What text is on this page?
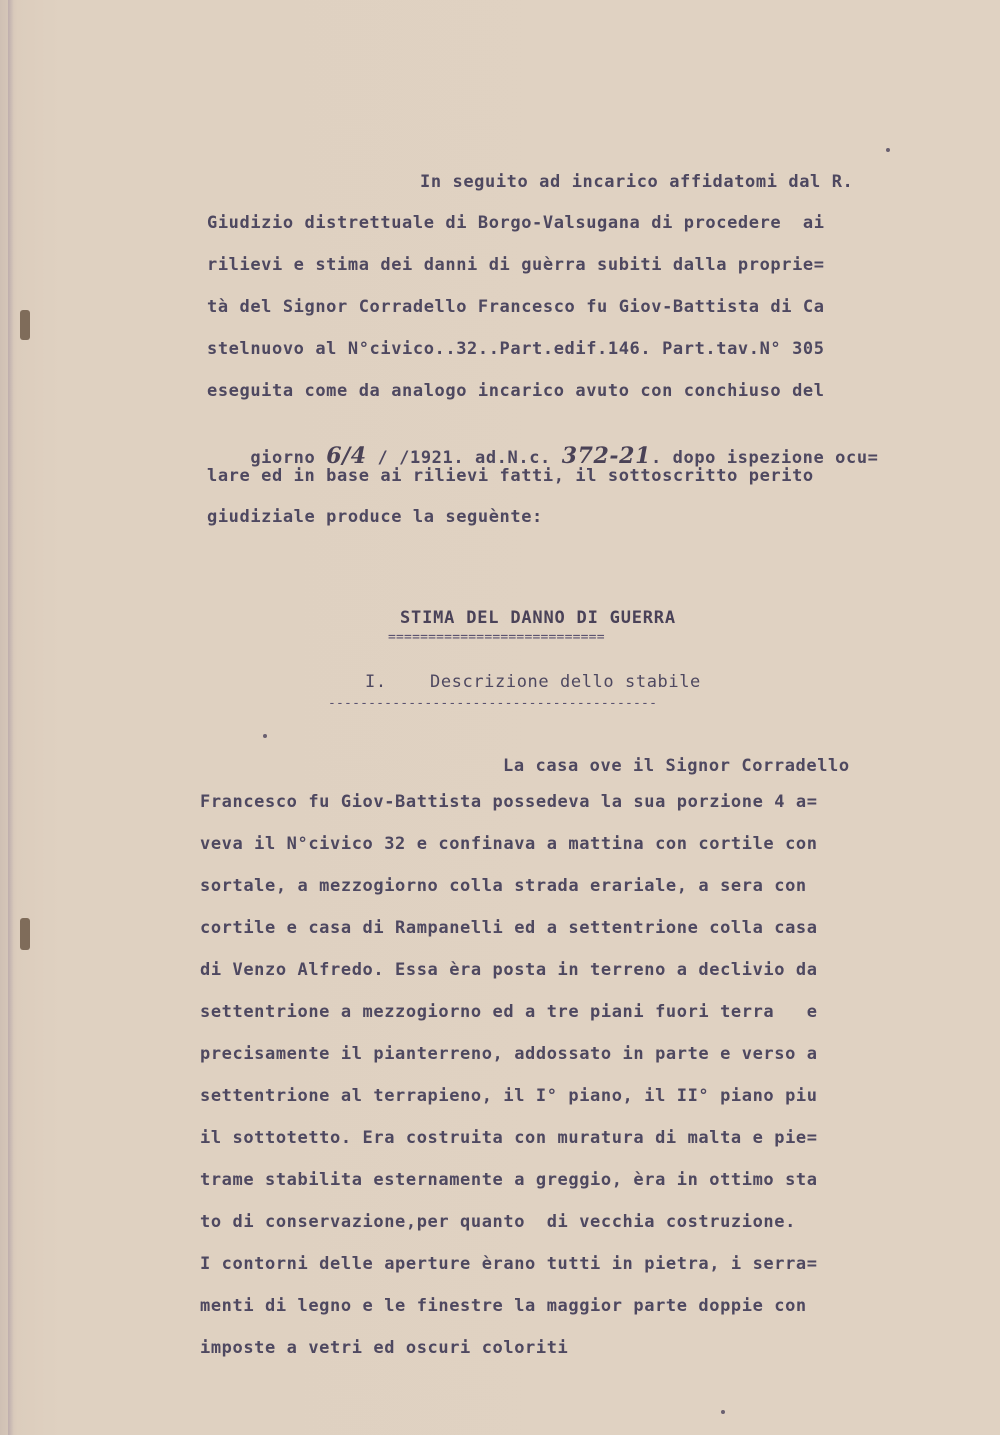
In seguito ad incarico affidatomi dal R.
Giudizio distrettuale di Borgo-Valsugana di procedere  ai
rilievi e stima dei danni di guèrra subiti dalla proprie=
tà del Signor Corradello Francesco fu Giov-Battista di Ca
stelnuovo al N°civico..32..Part.edif.146. Part.tav.N° 305
eseguita come da analogo incarico avuto con conchiuso del

giorno 6/4 / /1921. ad.N.c. 372-21. dopo ispezione ocu=

lare ed in base ai rilievi fatti, il sottoscritto perito
giudiziale produce la seguènte:
STIMA DEL DANNO DI GUERRA
===========================
I.    Descrizione dello stabile
-----------------------------------------
La casa ove il Signor Corradello
Francesco fu Giov-Battista possedeva la sua porzione 4 a=
veva il N°civico 32 e confinava a mattina con cortile con
sortale, a mezzogiorno colla strada erariale, a sera con
cortile e casa di Rampanelli ed a settentrione colla casa
di Venzo Alfredo. Essa èra posta in terreno a declivio da
settentrione a mezzogiorno ed a tre piani fuori terra   e
precisamente il pianterreno, addossato in parte e verso a
settentrione al terrapieno, il I° piano, il II° piano piu
il sottotetto. Era costruita con muratura di malta e pie=
trame stabilita esternamente a greggio, èra in ottimo sta
to di conservazione,per quanto  di vecchia costruzione.
I contorni delle aperture èrano tutti in pietra, i serra=
menti di legno e le finestre la maggior parte doppie con
imposte a vetri ed oscuri coloriti
